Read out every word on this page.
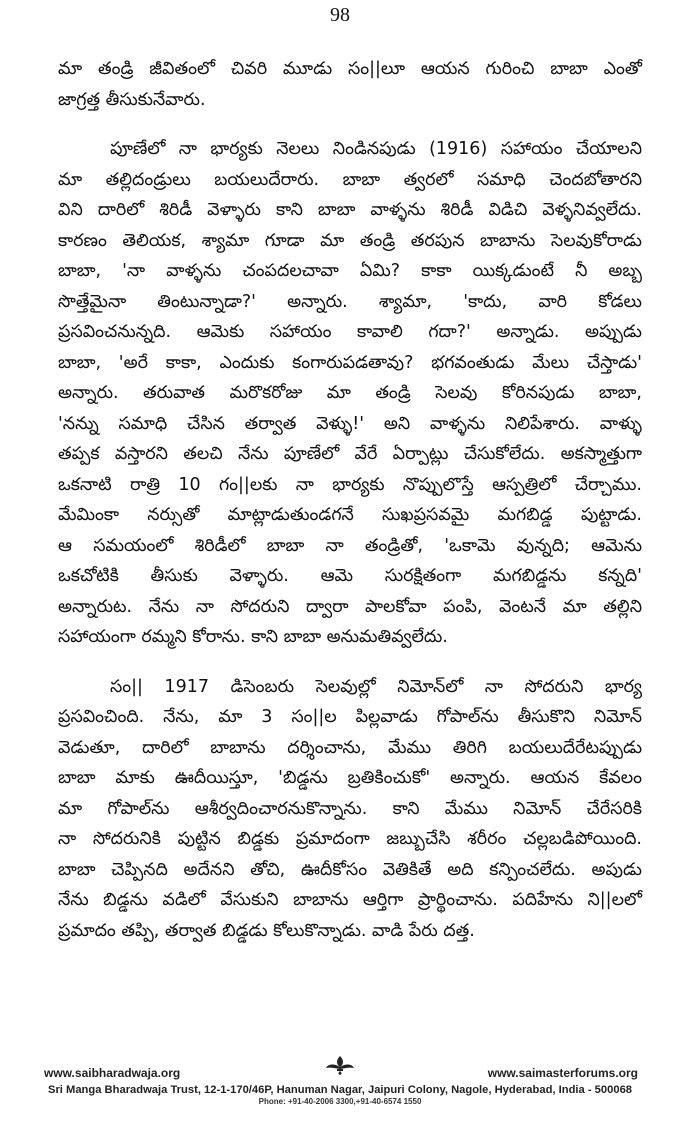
98
మా తండ్రి జీవితంలో చివరి మూడు సం||లూ ఆయన గురించి బాబా ఎంతో
జాగ్రత్త తీసుకునేవారు.
పూణేలో నా భార్యకు నెలలు నిండినపుడు (1916) సహాయం చేయాలని
మా తల్లిదండ్రులు బయలుదేరారు. బాబా త్వరలో సమాధి చెందబోతారని
విని దారిలో శిరిడీ వెళ్ళారు కాని బాబా వాళ్ళను శిరిడీ విడిచి వెళ్ళనివ్వలేదు.
కారణం తెలియక, శ్యామా గూడా మా తండ్రి తరపున బాబాను సెలవుకోరాడు
బాబా, 'నా వాళ్ళను చంపదలచావా ఏమి? కాకా యిక్కడుంటే నీ అబ్బ
సొత్తేమైనా తింటున్నాడా?' అన్నారు. శ్యామా, 'కాదు, వారి కోడలు
ప్రసవించనున్నది. ఆమెకు సహాయం కావాలి గదా?' అన్నాడు. అప్పుడు
బాబా, 'అరే కాకా, ఎందుకు కంగారుపడతావు? భగవంతుడు మేలు చేస్తాడు'
అన్నారు. తరువాత మరొకరోజు మా తండ్రి సెలవు కోరినపుడు బాబా,
'నన్ను సమాధి చేసిన తర్వాత వెళ్ళు!' అని వాళ్ళను నిలిపేశారు. వాళ్ళు
తప్పక వస్తారని తలచి నేను పూణేలో వేరే ఏర్పాట్లు చేసుకోలేదు. అకస్మాత్తుగా
ఒకనాటి రాత్రి 10 గం||లకు నా భార్యకు నొప్పులొస్తే ఆస్పత్రిలో చేర్చాము.
మేమింకా నర్సుతో మాట్లాడుతుండగనే సుఖప్రసవమై మగబిడ్డ పుట్టాడు.
ఆ సమయంలో శిరిడీలో బాబా నా తండ్రితో, 'ఒకామె వున్నది; ఆమెను
ఒకచోటికి తీసుకు వెళ్ళారు. ఆమె సురక్షితంగా మగబిడ్డను కన్నది'
అన్నారుట. నేను నా సోదరుని ద్వారా పాలకోవా పంపి, వెంటనే మా తల్లిని
సహాయంగా రమ్మని కోరాను. కాని బాబా అనుమతివ్వలేదు.
సం|| 1917 డిసెంబరు సెలవుల్లో నిమోన్‌లో నా సోదరుని భార్య
ప్రసవించింది. నేను, మా 3 సం||ల పిల్లవాడు గోపాల్‌ను తీసుకొని నిమోన్
వెడుతూ, దారిలో బాబాను దర్శించాను, మేము తిరిగి బయలుదేరేటప్పుడు
బాబా మాకు ఊదీయిస్తూ, 'బిడ్డను బ్రతికించుకో' అన్నారు. ఆయన కేవలం
మా గోపాల్‌ను ఆశీర్వదించారనుకొన్నాను. కాని మేము నిమోన్ చేరేసరికి
నా సోదరునికి పుట్టిన బిడ్డకు ప్రమాదంగా జబ్బుచేసి శరీరం చల్లబడిపోయింది.
బాబా చెప్పినది అదేనని తోచి, ఊదీకోసం వెతికితే అది కన్పించలేదు. అపుడు
నేను బిడ్డను వడిలో వేసుకుని బాబాను ఆర్తిగా ప్రార్థించాను. పదిహేను ని||లలో
ప్రమాదం తప్పి, తర్వాత బిడ్డడు కోలుకొన్నాడు. వాడి పేరు దత్త.
www.saibharadwaja.org	www.saimasterforums.org
Sri Manga Bharadwaja Trust, 12-1-170/46P, Hanuman Nagar, Jaipuri Colony, Nagole, Hyderabad, India - 500068
Phone: +91-40-2006 3300,+91-40-6574 1550
